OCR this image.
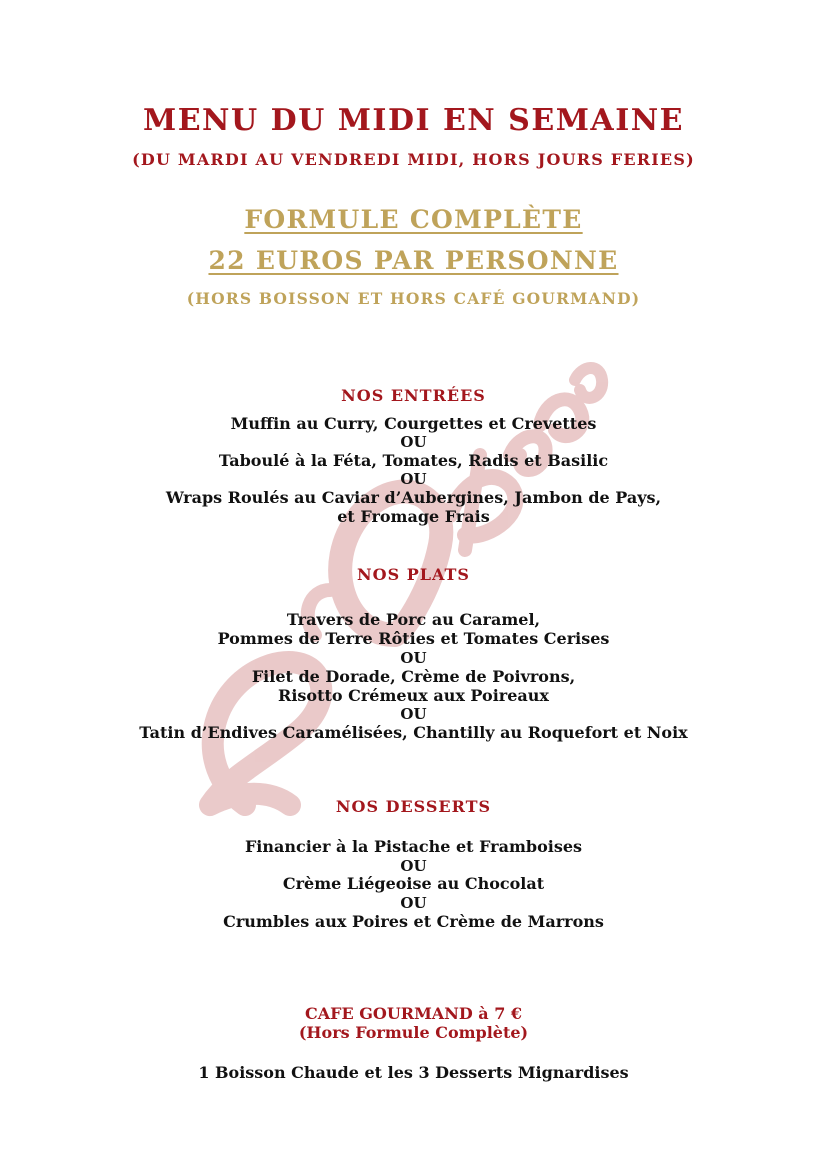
MENU DU MIDI EN SEMAINE
(DU MARDI AU VENDREDI MIDI, HORS JOURS FERIES)
FORMULE COMPLÈTE
22 EUROS PAR PERSONNE
(HORS BOISSON ET HORS CAFÉ GOURMAND)
NOS ENTRÉES
Muffin au Curry, Courgettes et Crevettes
OU
Taboulé à la Féta, Tomates, Radis et Basilic
OU
Wraps Roulés au Caviar d’Aubergines, Jambon de Pays,
et Fromage Frais
NOS PLATS
Travers de Porc au Caramel,
Pommes de Terre Rôties et Tomates Cerises
OU
Filet de Dorade, Crème de Poivrons,
Risotto Crémeux aux Poireaux
OU
Tatin d’Endives Caramélisées, Chantilly au Roquefort et Noix
NOS DESSERTS
Financier à la Pistache et Framboises
OU
Crème Liégeoise au Chocolat
OU
Crumbles aux Poires et Crème de Marrons
CAFE GOURMAND à 7 €
(Hors Formule Complète)
1 Boisson Chaude et les 3 Desserts Mignardises
